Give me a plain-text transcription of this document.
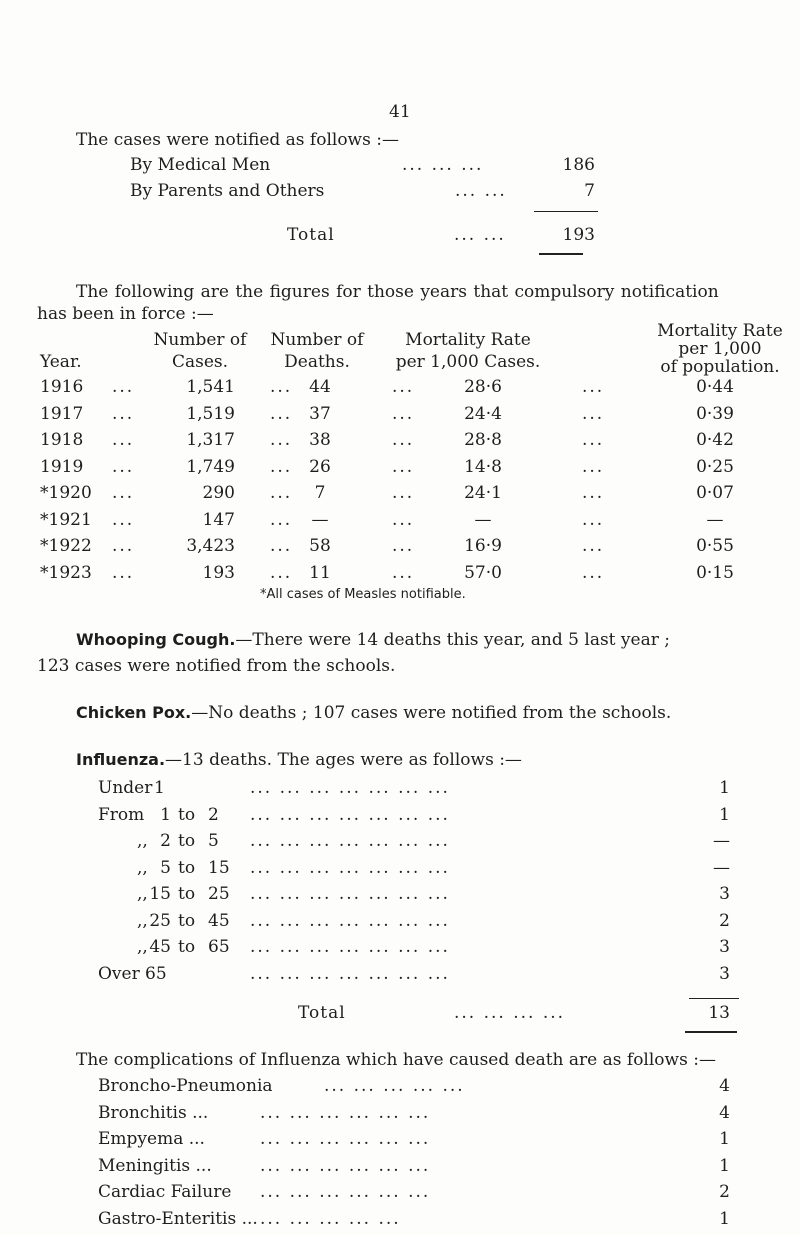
41
The cases were notified as follows :—
By Medical Men	... ... ...	186
By Parents and Others	... ...	7
Total	... ...	193
The following are the figures for those years that compulsory notification
has been in force :—
Year.
Number of
Cases.
Number of
Deaths.
Mortality Rate
per 1,000 Cases.
Mortality Rate
per 1,000
of population.
1916 ...	1,541 ... 44	...	28·6	...	0·44
1917 ...	1,519 ... 37	...	24·4	...	0·39
1918 ...	1,317 ... 38	...	28·8	...	0·42
1919 ...	1,749 ... 26	...	14·8	...	0·25
*1920 ...	290 ...	7	...	24·1	...	0·07
*1921 ...	147 ...	—	...	—	...	—
*1922 ...	3,423 ... 58	...	16·9	...	0·55
*1923 ...	193 ... 11	...	57·0	...	0·15
*All cases of Measles notifiable.
Whooping Cough.—There were 14 deaths this year, and 5 last year ;
123 cases were notified from the schools.
Chicken Pox.—No deaths ; 107 cases were notified from the schools.
Influenza.—13 deaths. The ages were as follows :—
Under 1	... ... ... ... ... ... ...	1
From 1 to 2 ... ... ... ... ... ... ...	1
,, 2 to 5 ... ... ... ... ... ... ...	—
,, 5 to 15 ... ... ... ... ... ... ...	—
,, 15 to 25 ... ... ... ... ... ... ...	3
,, 25 to 45 ... ... ... ... ... ... ...	2
,, 45 to 65 ... ... ... ... ... ... ...	3
Over 65	... ... ... ... ... ... ...	3
Total	... ... ... ...	13
The complications of Influenza which have caused death are as follows :—
Broncho-Pneumonia	... ... ... ... ...	4
Bronchitis ...	... ... ... ... ... ...	4
Empyema ...	... ... ... ... ... ...	1
Meningitis ...	... ... ... ... ... ...	1
Cardiac Failure ... ... ... ... ... ...	2
Gastro-Enteritis ... ... ... ... ... ...	1
